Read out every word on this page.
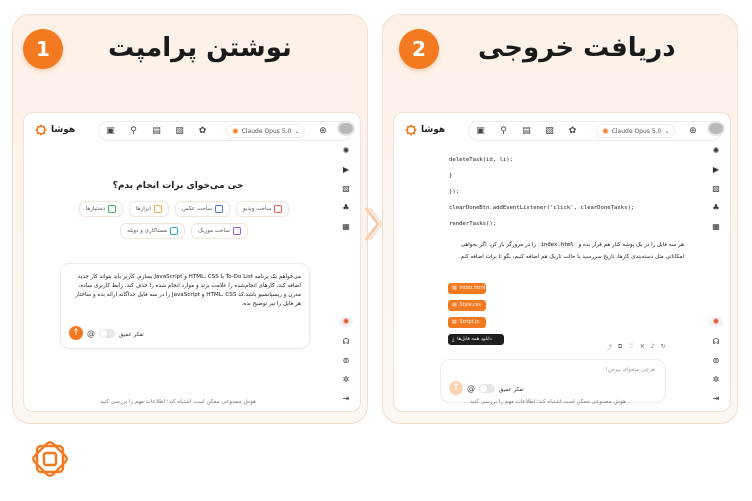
1	نوشتن پرامپت
هوشا	▣ ⚲ ▤ ▧ ✿	✺ Claude Opus 5.0 ⌄ ⊕
✺
▶
▧
♣
▦
✺
☊
⊚
✲
⇥
جی می‌خوای برات انجام بدم؟
ساخت ویدیو
ساخت عکس
ابزارها
دستیارها
ساخت موزیک
مستاکاری و دوبله
می‌خواهم یک برنامه To-Do List با HTML، CSS و JavaScript بسازم. کاربر باید بتواند کار جدید اضافه کند، کارهای انجام‌شده را علامت بزند و موارد انجام شده را حذف کند. رابط کاربری ساده، مدرن و ریسپانسیو باشد.کد HTML، CSS و JavaScript را در سه فایل جداگانه ارائه بده و ساختار هر فایل را نیز توضیح بده.
↑ @	تفکر عمیق
هوش مصنوعی ممکن است اشتباه کند؛ اطلاعات مهم را بررسی کنید
2	دریافت خروجی
هوشا	▣ ⚲ ▤ ▧ ✿	✺ Claude Opus 5.0 ⌄ ⊕
✺
▶
▧
♣
▦
✺
☊
⊚
✲
⇥
deleteTask(id, li);
}
});
clearDoneBtn.addEventListener('click', clearDoneTasks);
renderTasks();
هر سه فایل را در یک پوشه کنار هم قرار بده و index.html را در مرورگر باز کن. اگر بخواهی امکاناتی مثل دسته‌بندی کارها، تاریخ سررسید یا حالت تاریک هم اضافه کنیم، بگو تا برات اضافه کنم.
▤ index.html
▤ Style.css
▤ Script.js
دانلود همه فایل‌ها
⤓
⤴ ⧉ ♡ ✕ ♪ ↻
هرچی میخوای بپرس!
↑ @	تفکر عمیق
هوش مصنوعی ممکن است اشتباه کند؛ اطلاعات مهم را بررسی کنید
